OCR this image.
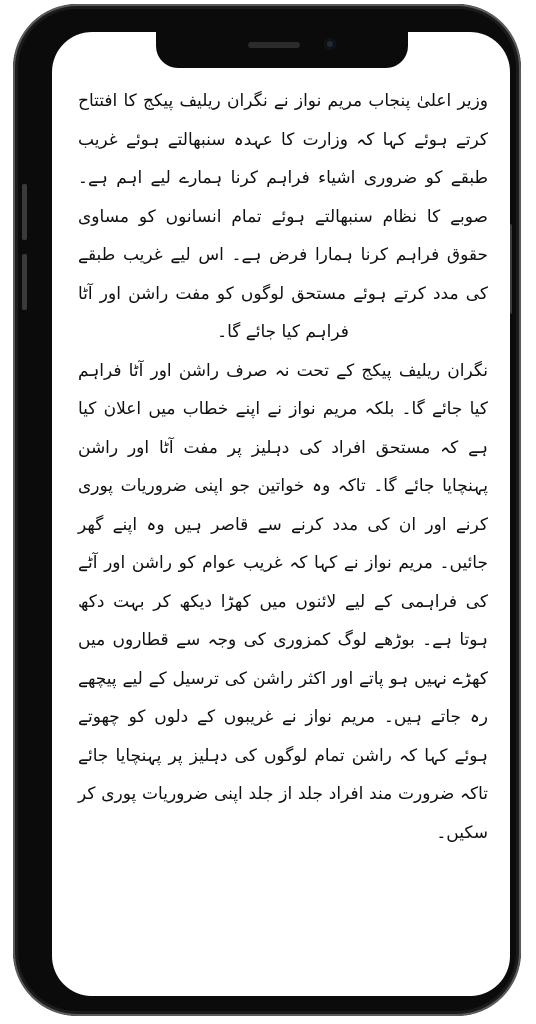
وزیر اعلیٰ پنجاب مریم نواز نے نگران ریلیف پیکج کا افتتاح کرتے ہوئے کہا کہ وزارت کا عہدہ سنبھالتے ہوئے غریب طبقے کو ضروری اشیاء فراہم کرنا ہمارے لیے اہم ہے۔ صوبے کا نظام سنبھالتے ہوئے تمام انسانوں کو مساوی حقوق فراہم کرنا ہمارا فرض ہے۔ اس لیے غریب طبقے کی مدد کرتے ہوئے مستحق لوگوں کو مفت راشن اور آٹا فراہم کیا جائے گا۔

نگران ریلیف پیکج کے تحت نہ صرف راشن اور آٹا فراہم کیا جائے گا۔ بلکہ مریم نواز نے اپنے خطاب میں اعلان کیا ہے کہ مستحق افراد کی دہلیز پر مفت آٹا اور راشن پہنچایا جائے گا۔ تاکہ وہ خواتین جو اپنی ضروریات پوری کرنے اور ان کی مدد کرنے سے قاصر ہیں وہ اپنے گھر جائیں۔ مریم نواز نے کہا کہ غریب عوام کو راشن اور آٹے کی فراہمی کے لیے لائنوں میں کھڑا دیکھ کر بہت دکھ ہوتا ہے۔ بوڑھے لوگ کمزوری کی وجہ سے قطاروں میں کھڑے نہیں ہو پاتے اور اکثر راشن کی ترسیل کے لیے پیچھے رہ جاتے ہیں۔ مریم نواز نے غریبوں کے دلوں کو چھوتے ہوئے کہا کہ راشن تمام لوگوں کی دہلیز پر پہنچایا جائے تاکہ ضرورت مند افراد جلد از جلد اپنی ضروریات پوری کر سکیں۔
